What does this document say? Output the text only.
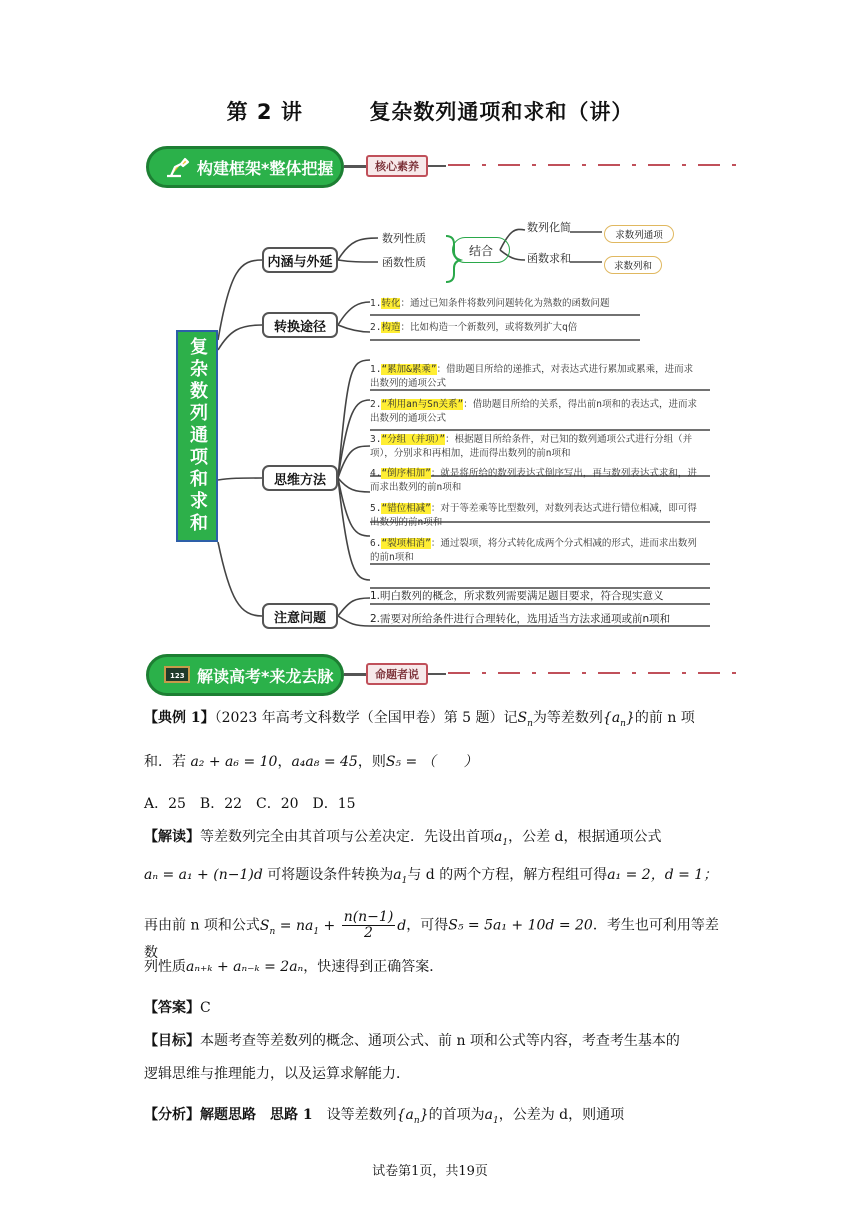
第 2 讲	复杂数列通项和求和（讲）
构建框架*整体把握	核心素养
复杂数列通项和求和
内涵与外延
转换途径
思维方法
注意问题
数列性质
函数性质
结合
数列化简
函数求和
求数列通项
求数列和
1.转化：通过已知条件将数列问题转化为熟数的函数问题
2.构造：比如构造一个新数列，或将数列扩大q倍
1.“累加&累乘”：借助题目所给的递推式，对表达式进行累加或累乘，进而求出数列的通项公式
2.“利用an与Sn关系”：借助题目所给的关系，得出前n项和的表达式，进而求出数列的通项公式
3.“分组（并项）”：根据题目所给条件，对已知的数列通项公式进行分组（并项），分别求和再相加，进而得出数列的前n项和
4.“倒序相加”：就是将所给的数列表达式倒序写出，再与数列表达式求和，进而求出数列的前n项和
5.“错位相减”：对于等差乘等比型数列，对数列表达式进行错位相减，即可得出数列的前n项和
6.“裂项相消”：通过裂项，将分式转化成两个分式相减的形式，进而求出数列的前n项和
1.明白数列的概念，所求数列需要满足题目要求，符合现实意义
2.需要对所给条件进行合理转化，选用适当方法求通项或前n项和
123 解读高考*来龙去脉	命题者说
【典例 1】（2023 年高考文科数学（全国甲卷）第 5 题）记$S_n$为等差数列$\{a_n\}$的前 n 项
和．若 a₂ + a₆ = 10，a₄a₈ = 45，则S₅ = （　　）
A．25　B．22　C．20　D．15
【解读】等差数列完全由其首项与公差决定．先设出首项$a_1$，公差 d，根据通项公式
aₙ = a₁ + (n−1)d 可将题设条件转换为$a_1$与 d 的两个方程，解方程组可得a₁ = 2，d = 1；
再由前 n 项和公式$S_n = na_1 + \frac{n(n-1)}{2}$ d，可得S₅ = 5a₁ + 10d = 20．考生也可利用等差数
列性质aₙ₊ₖ + aₙ₋ₖ = 2aₙ，快速得到正确答案．
【答案】C
【目标】本题考查等差数列的概念、通项公式、前 n 项和公式等内容，考查考生基本的
逻辑思维与推理能力，以及运算求解能力．
【分析】解题思路　 思路 1　 设等差数列$\{a_n\}$的首项为$a_1$，公差为 d，则通项
试卷第1页，共19页
